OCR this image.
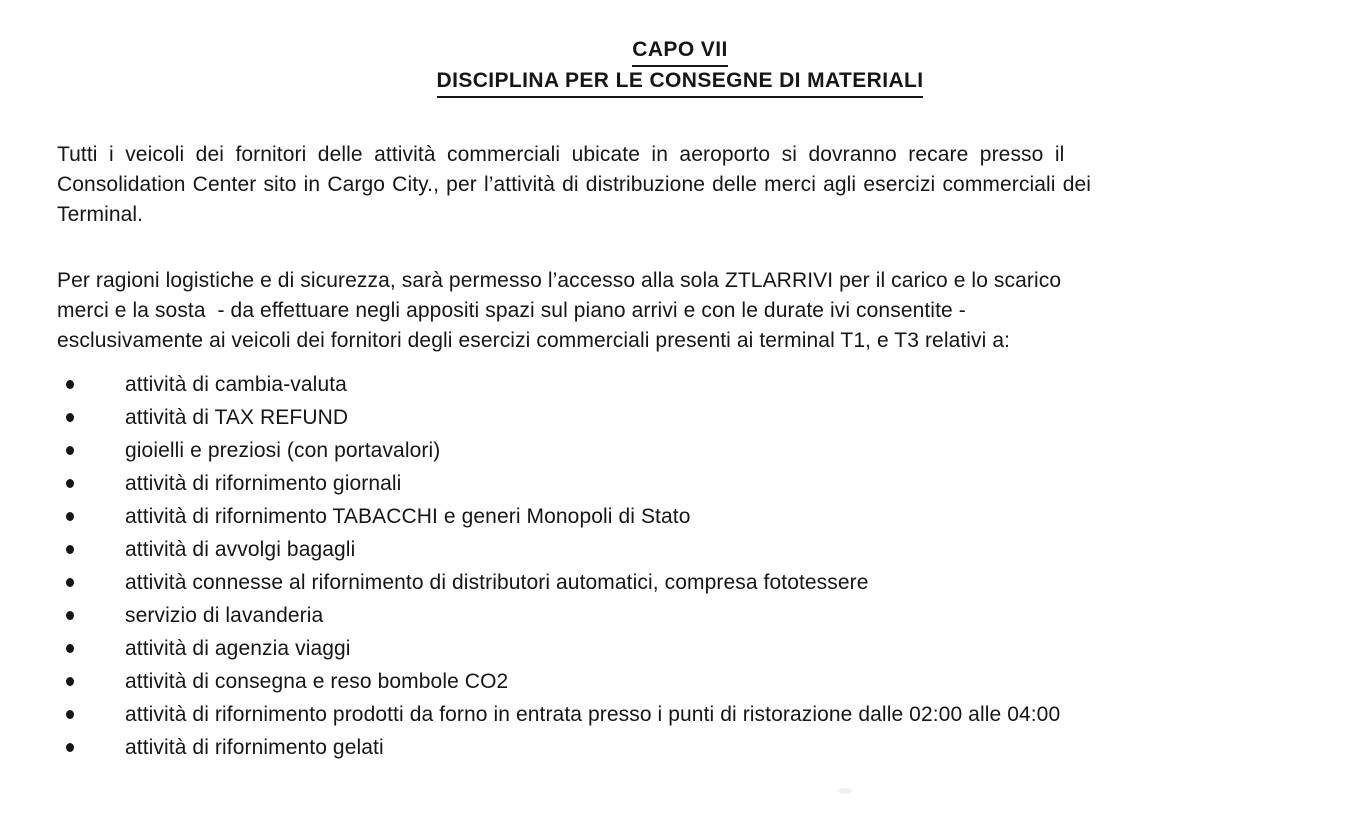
CAPO VII
DISCIPLINA PER LE CONSEGNE DI MATERIALI

Tutti i veicoli dei fornitori delle attività commerciali ubicate in aeroporto si dovranno recare presso il
Consolidation Center sito in Cargo City., per l’attività di distribuzione delle merci agli esercizi commerciali dei
Terminal.

Per ragioni logistiche e di sicurezza, sarà permesso l’accesso alla sola ZTLARRIVI per il carico e lo scarico
merci e la sosta  - da effettuare negli appositi spazi sul piano arrivi e con le durate ivi consentite -
esclusivamente ai veicoli dei fornitori degli esercizi commerciali presenti ai terminal T1, e T3 relativi a:

attività di cambia-valuta
attività di TAX REFUND
gioielli e preziosi (con portavalori)
attività di rifornimento giornali
attività di rifornimento TABACCHI e generi Monopoli di Stato
attività di avvolgi bagagli
attività connesse al rifornimento di distributori automatici, compresa fototessere
servizio di lavanderia
attività di agenzia viaggi
attività di consegna e reso bombole CO2
attività di rifornimento prodotti da forno in entrata presso i punti di ristorazione dalle 02:00 alle 04:00
attività di rifornimento gelati
